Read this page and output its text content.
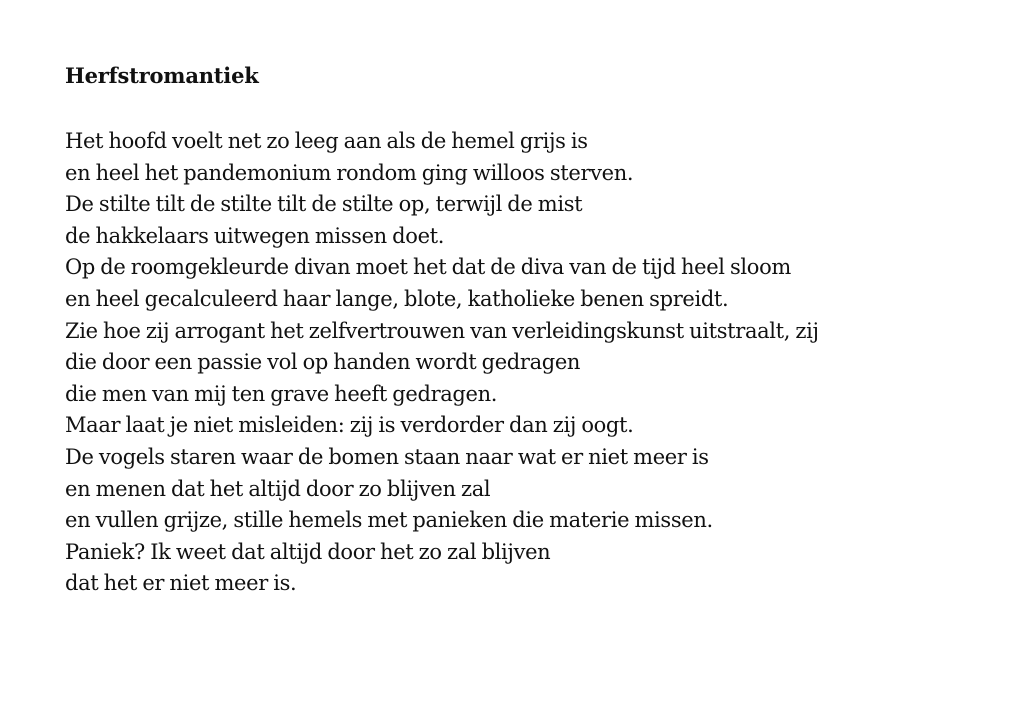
Herfstromantiek
Het hoofd voelt net zo leeg aan als de hemel grijs is
en heel het pandemonium rondom ging willoos sterven.
De stilte tilt de stilte tilt de stilte op, terwijl de mist
de hakkelaars uitwegen missen doet.
Op de roomgekleurde divan moet het dat de diva van de tijd heel sloom
en heel gecalculeerd haar lange, blote, katholieke benen spreidt.
Zie hoe zij arrogant het zelfvertrouwen van verleidingskunst uitstraalt, zij
die door een passie vol op handen wordt gedragen
die men van mij ten grave heeft gedragen.
Maar laat je niet misleiden: zij is verdorder dan zij oogt.
De vogels staren waar de bomen staan naar wat er niet meer is
en menen dat het altijd door zo blijven zal
en vullen grijze, stille hemels met panieken die materie missen.
Paniek? Ik weet dat altijd door het zo zal blijven
dat het er niet meer is.
